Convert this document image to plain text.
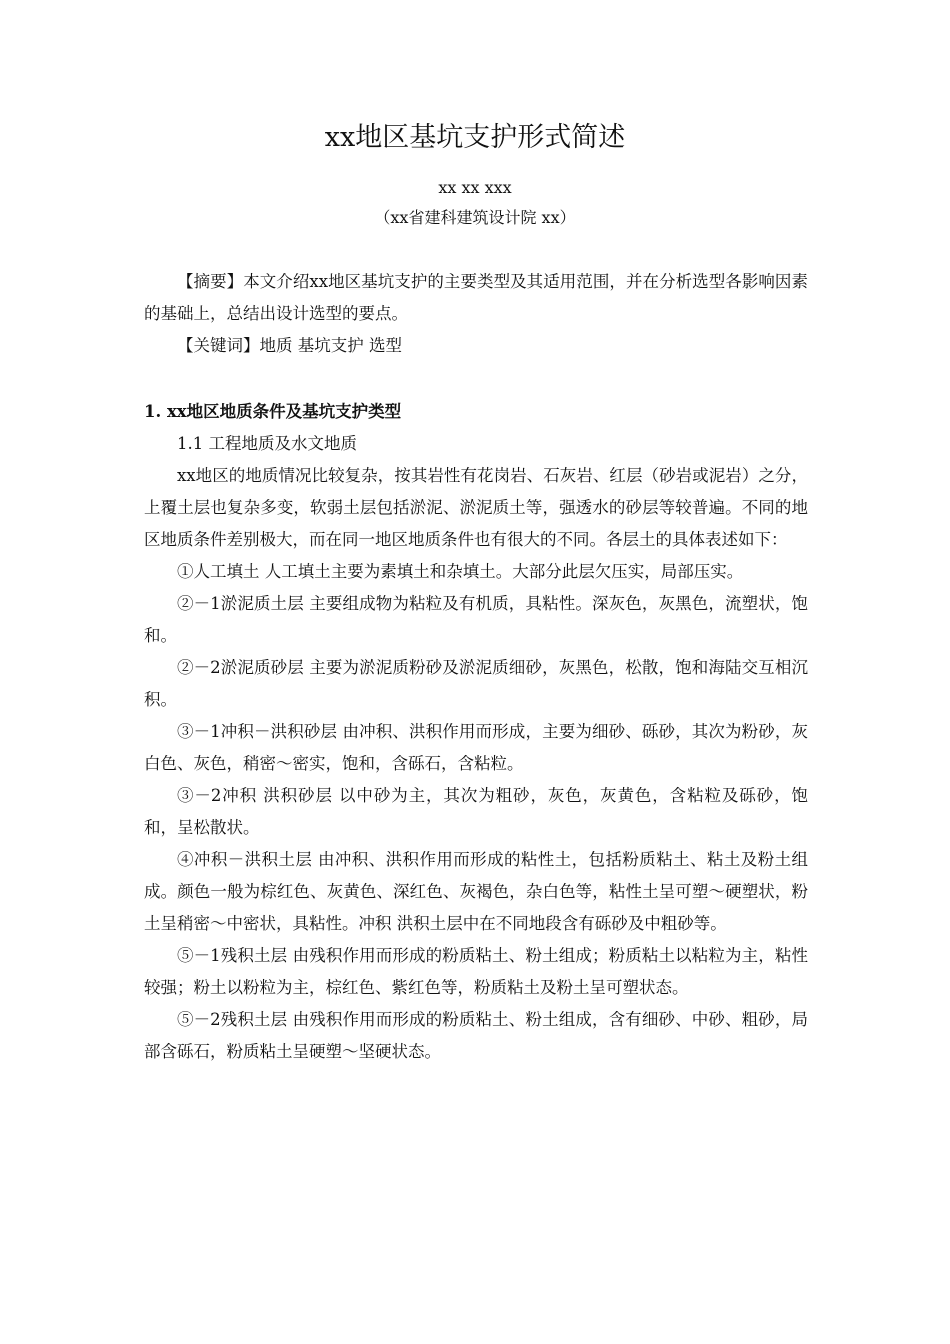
xx地区基坑支护形式简述
xx xx xxx
（xx省建科建筑设计院 xx）

【摘要】本文介绍xx地区基坑支护的主要类型及其适用范围，并在分析选型各影响因素的基础上，总结出设计选型的要点。

【关键词】地质 基坑支护 选型

1. xx地区地质条件及基坑支护类型

1.1 工程地质及水文地质

xx地区的地质情况比较复杂，按其岩性有花岗岩、石灰岩、红层（砂岩或泥岩）之分，上覆土层也复杂多变，软弱土层包括淤泥、淤泥质土等，强透水的砂层等较普遍。不同的地区地质条件差别极大，而在同一地区地质条件也有很大的不同。各层土的具体表述如下：

①人工填土 人工填土主要为素填土和杂填土。大部分此层欠压实，局部压实。

②－1淤泥质土层 主要组成物为粘粒及有机质，具粘性。深灰色，灰黑色，流塑状，饱和。

②－2淤泥质砂层 主要为淤泥质粉砂及淤泥质细砂，灰黑色，松散，饱和海陆交互相沉积。

③－1冲积－洪积砂层 由冲积、洪积作用而形成，主要为细砂、砾砂，其次为粉砂，灰白色、灰色，稍密～密实，饱和，含砾石，含粘粒。

③－2冲积 洪积砂层 以中砂为主，其次为粗砂，灰色，灰黄色，含粘粒及砾砂，饱和，呈松散状。

④冲积－洪积土层 由冲积、洪积作用而形成的粘性土，包括粉质粘土、粘土及粉土组成。颜色一般为棕红色、灰黄色、深红色、灰褐色，杂白色等，粘性土呈可塑～硬塑状，粉土呈稍密～中密状，具粘性。冲积 洪积土层中在不同地段含有砾砂及中粗砂等。

⑤－1残积土层 由残积作用而形成的粉质粘土、粉土组成；粉质粘土以粘粒为主，粘性较强；粉土以粉粒为主，棕红色、紫红色等，粉质粘土及粉土呈可塑状态。

⑤－2残积土层 由残积作用而形成的粉质粘土、粉土组成，含有细砂、中砂、粗砂，局部含砾石，粉质粘土呈硬塑～坚硬状态。
